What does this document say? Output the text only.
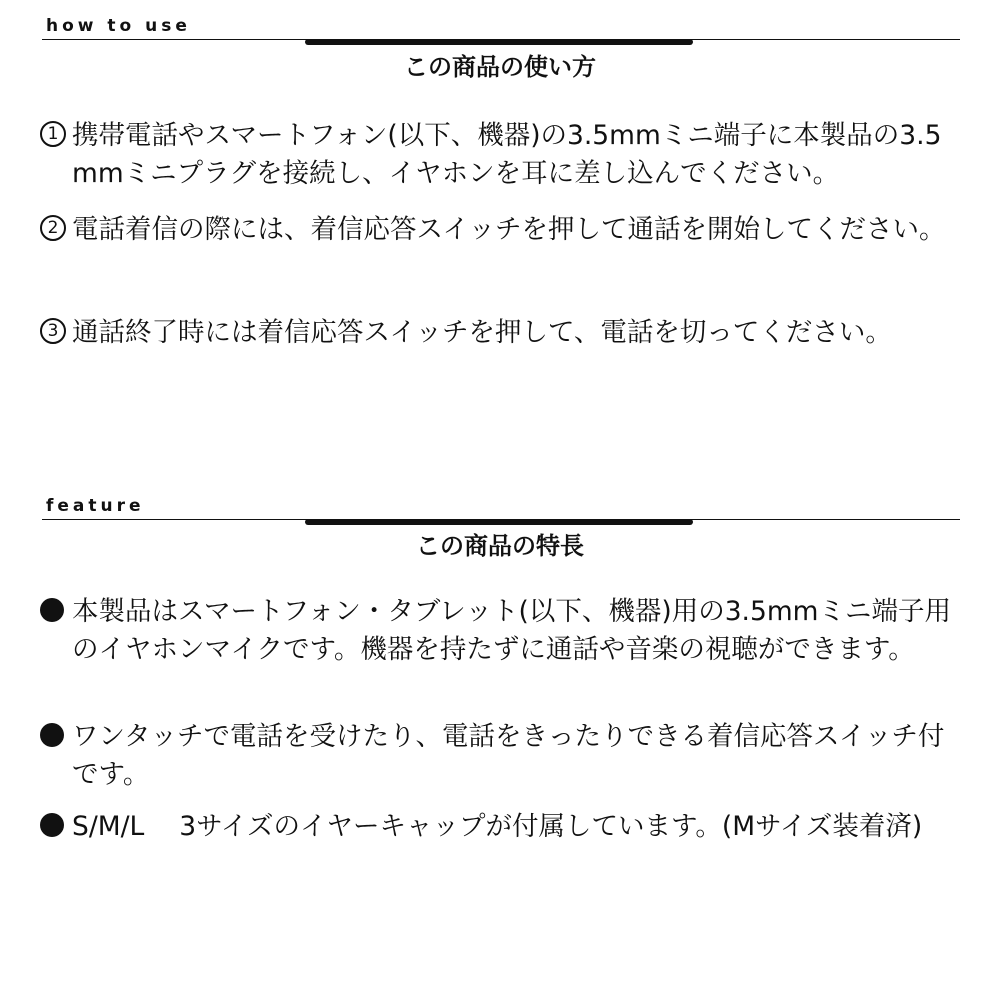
how to use
この商品の使い方
1 携帯電話やスマートフォン(以下、機器)の3.5mmミニ端子に本製品の3.5mmミニプラグを接続し、イヤホンを耳に差し込んでください。
2 電話着信の際には、着信応答スイッチを押して通話を開始してください。
3 通話終了時には着信応答スイッチを押して、電話を切ってください。
feature
この商品の特長
本製品はスマートフォン・タブレット(以下、機器)用の3.5mmミニ端子用のイヤホンマイクです。機器を持たずに通話や音楽の視聴ができます。
ワンタッチで電話を受けたり、電話をきったりできる着信応答スイッチ付です。
S/M/L　 3サイズのイヤーキャップが付属しています。(Mサイズ装着済)
